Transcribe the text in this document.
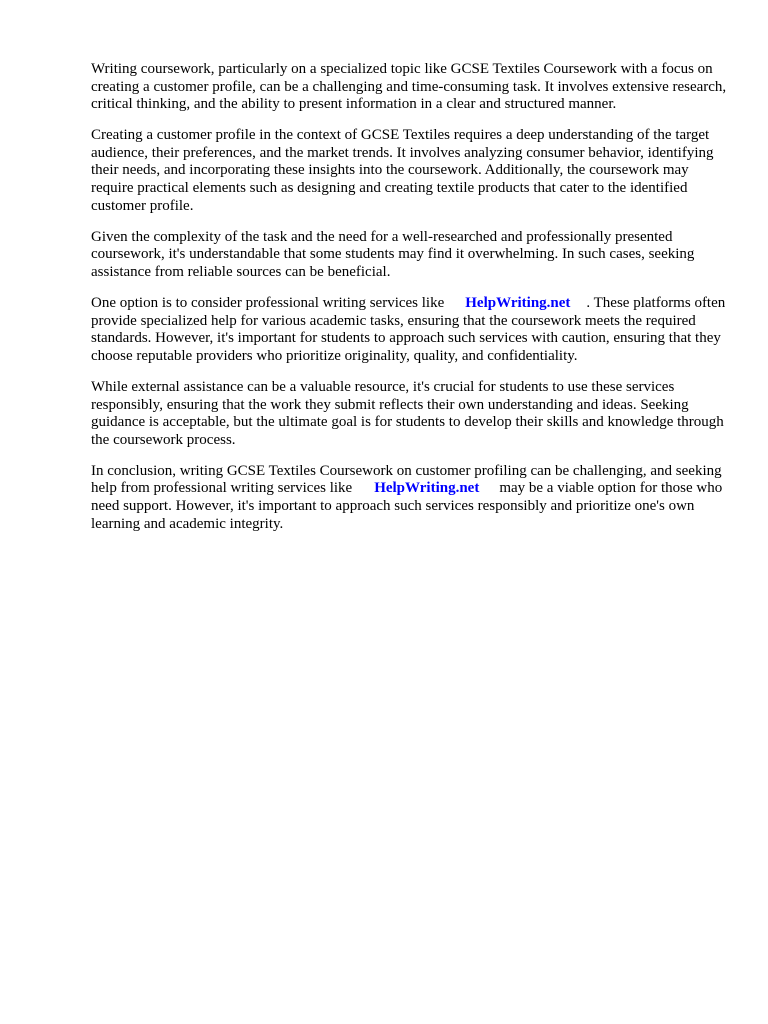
Writing coursework, particularly on a specialized topic like GCSE Textiles Coursework with a focus on creating a customer profile, can be a challenging and time-consuming task. It involves extensive research, critical thinking, and the ability to present information in a clear and structured manner.

Creating a customer profile in the context of GCSE Textiles requires a deep understanding of the target audience, their preferences, and the market trends. It involves analyzing consumer behavior, identifying their needs, and incorporating these insights into the coursework. Additionally, the coursework may require practical elements such as designing and creating textile products that cater to the identified customer profile.

Given the complexity of the task and the need for a well-researched and professionally presented coursework, it's understandable that some students may find it overwhelming. In such cases, seeking assistance from reliable sources can be beneficial.

One option is to consider professional writing services like HelpWriting.net . These platforms often provide specialized help for various academic tasks, ensuring that the coursework meets the required standards. However, it's important for students to approach such services with caution, ensuring that they choose reputable providers who prioritize originality, quality, and confidentiality.

While external assistance can be a valuable resource, it's crucial for students to use these services responsibly, ensuring that the work they submit reflects their own understanding and ideas. Seeking guidance is acceptable, but the ultimate goal is for students to develop their skills and knowledge through the coursework process.

In conclusion, writing GCSE Textiles Coursework on customer profiling can be challenging, and seeking help from professional writing services like HelpWriting.net may be a viable option for those who need support. However, it's important to approach such services responsibly and prioritize one's own learning and academic integrity.
